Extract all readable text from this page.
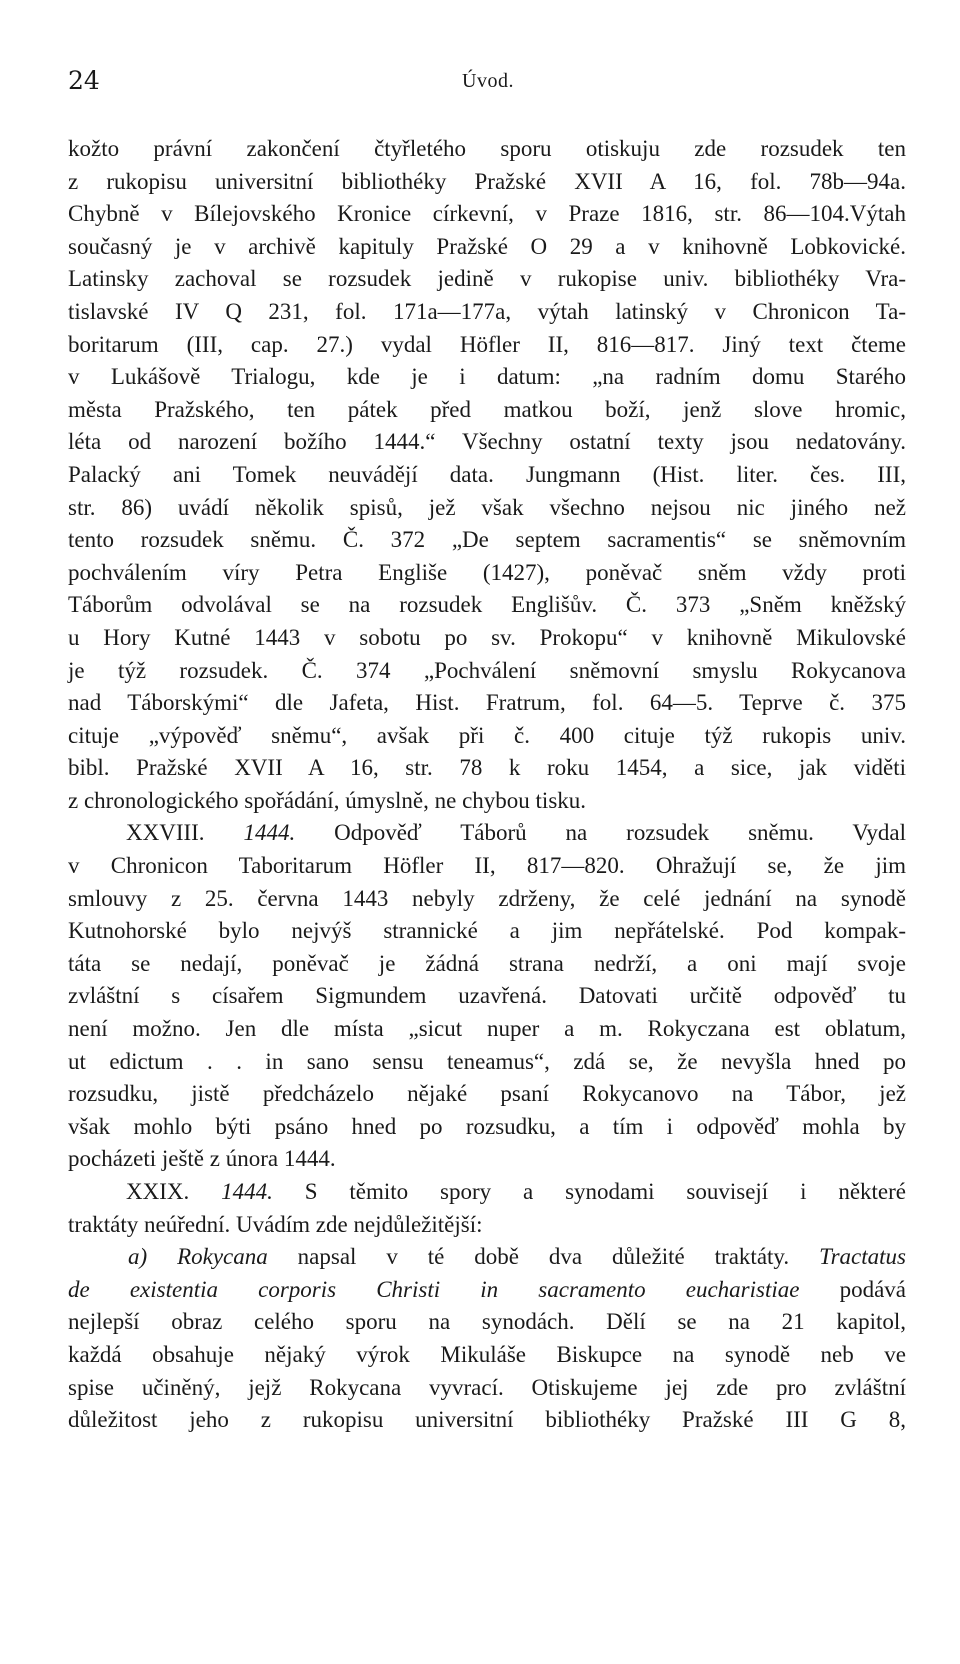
24	Úvod.
kožto právní zakončení čtyřletého sporu otiskuju zde rozsudek ten
z rukopisu universitní bibliothéky Pražské XVII A 16, fol. 78b—94a.
Chybně v Bílejovského Kronice církevní, v Praze 1816, str. 86—104.Výtah
současný je v archivě kapituly Pražské O 29 a v knihovně Lobkovické.
Latinsky zachoval se rozsudek jedině v rukopise univ. bibliothéky Vra-
tislavské IV Q 231, fol. 171a—177a, výtah latinský v Chronicon Ta-
boritarum (III, cap. 27.) vydal Höfler II, 816—817. Jiný text čteme
v Lukášově Trialogu, kde je i datum: „na radním domu Starého
města Pražského, ten pátek před matkou boží, jenž slove hromic,
léta od narození božího 1444.“ Všechny ostatní texty jsou nedatovány.
Palacký ani Tomek neuvádějí data. Jungmann (Hist. liter. čes. III,
str. 86) uvádí několik spisů, jež však všechno nejsou nic jiného než
tento rozsudek sněmu. Č. 372 „De septem sacramentis“ se sněmovním
pochválením víry Petra Engliše (1427), poněvač sněm vždy proti
Táborům odvolával se na rozsudek Englišův. Č. 373 „Sněm kněžský
u Hory Kutné 1443 v sobotu po sv. Prokopu“ v knihovně Mikulovské
je týž rozsudek. Č. 374 „Pochválení sněmovní smyslu Rokycanova
nad Táborskými“ dle Jafeta, Hist. Fratrum, fol. 64—5. Teprve č. 375
cituje „výpověď sněmu“, avšak při č. 400 cituje týž rukopis univ.
bibl. Pražské XVII A 16, str. 78 k roku 1454, a sice, jak viděti
z chronologického spořádání, úmyslně, ne chybou tisku.
XXVIII. 1444. Odpověď Táborů na rozsudek sněmu. Vydal
v Chronicon Taboritarum Höfler II, 817—820. Ohražují se, že jim
smlouvy z 25. června 1443 nebyly zdrženy, že celé jednání na synodě
Kutnohorské bylo nejvýš strannické a jim nepřátelské. Pod kompak-
táta se nedají, poněvač je žádná strana nedrží, a oni mají svoje
zvláštní s císařem Sigmundem uzavřená. Datovati určitě odpověď tu
není možno. Jen dle místa „sicut nuper a m. Rokyczana est oblatum,
ut edictum . . in sano sensu teneamus“, zdá se, že nevyšla hned po
rozsudku, jistě předcházelo nějaké psaní Rokycanovo na Tábor, jež
však mohlo býti psáno hned po rozsudku, a tím i odpověď mohla by
pocházeti ještě z února 1444.
XXIX. 1444. S těmito spory a synodami souvisejí i některé
traktáty neúřední. Uvádím zde nejdůležitější:
a) Rokycana napsal v té době dva důležité traktáty. Tractatus
de existentia corporis Christi in sacramento eucharistiae podává
nejlepší obraz celého sporu na synodách. Dělí se na 21 kapitol,
každá obsahuje nějaký výrok Mikuláše Biskupce na synodě neb ve
spise učiněný, jejž Rokycana vyvrací. Otiskujeme jej zde pro zvláštní
důležitost jeho z rukopisu universitní bibliothéky Pražské III G 8,
